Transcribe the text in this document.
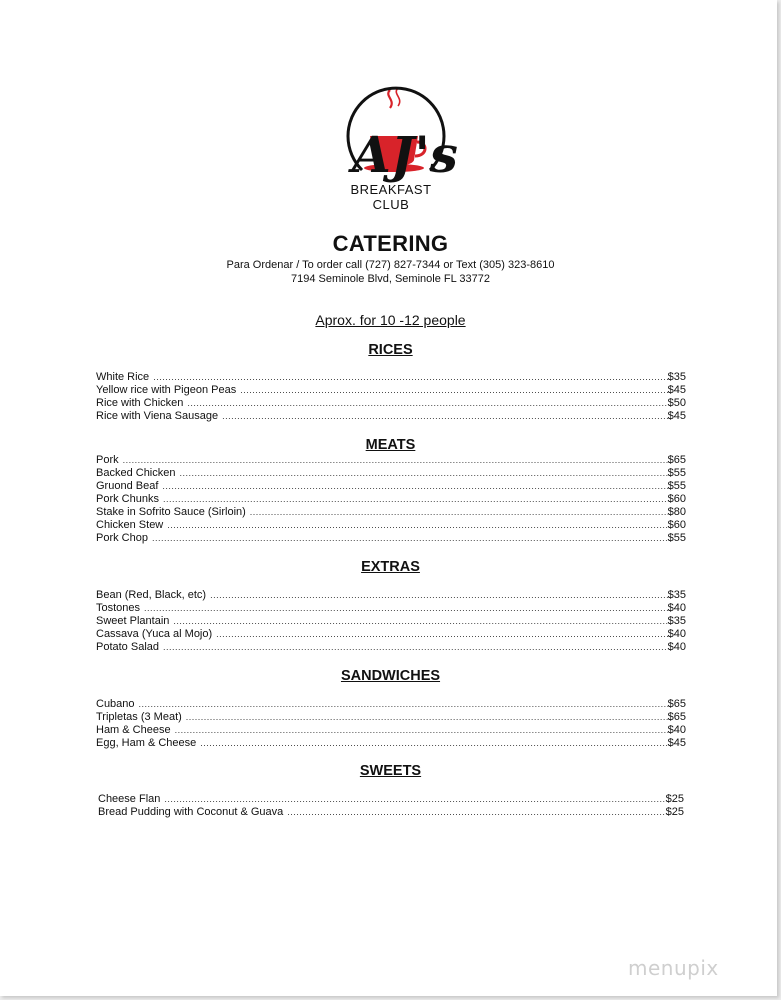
AJ's
BREAKFAST
CLUB
CATERING
Para Ordenar / To order call (727) 827-7344 or Text (305) 323-8610
7194 Seminole Blvd, Seminole FL 33772
Aprox. for 10 -12 people
RICES
White Rice .....	$35
Yellow rice with Pigeon Peas .....	$45
Rice with Chicken .....	$50
Rice with Viena Sausage .....	$45
MEATS
Pork .....	$65
Backed Chicken .....	$55
Gruond Beaf .....	$55
Pork Chunks .....	$60
Stake in Sofrito Sauce (Sirloin) .....	$80
Chicken Stew .....	$60
Pork Chop .....	$55
EXTRAS
Bean (Red, Black, etc) .....	$35
Tostones .....	$40
Sweet Plantain .....	$35
Cassava (Yuca al Mojo) .....	$40
Potato Salad .....	$40
SANDWICHES
Cubano .....	$65
Tripletas (3 Meat) .....	$65
Ham & Cheese .....	$40
Egg, Ham & Cheese .....	$45
SWEETS
Cheese Flan .....	$25
Bread Pudding with Coconut & Guava .....	$25
menupix
